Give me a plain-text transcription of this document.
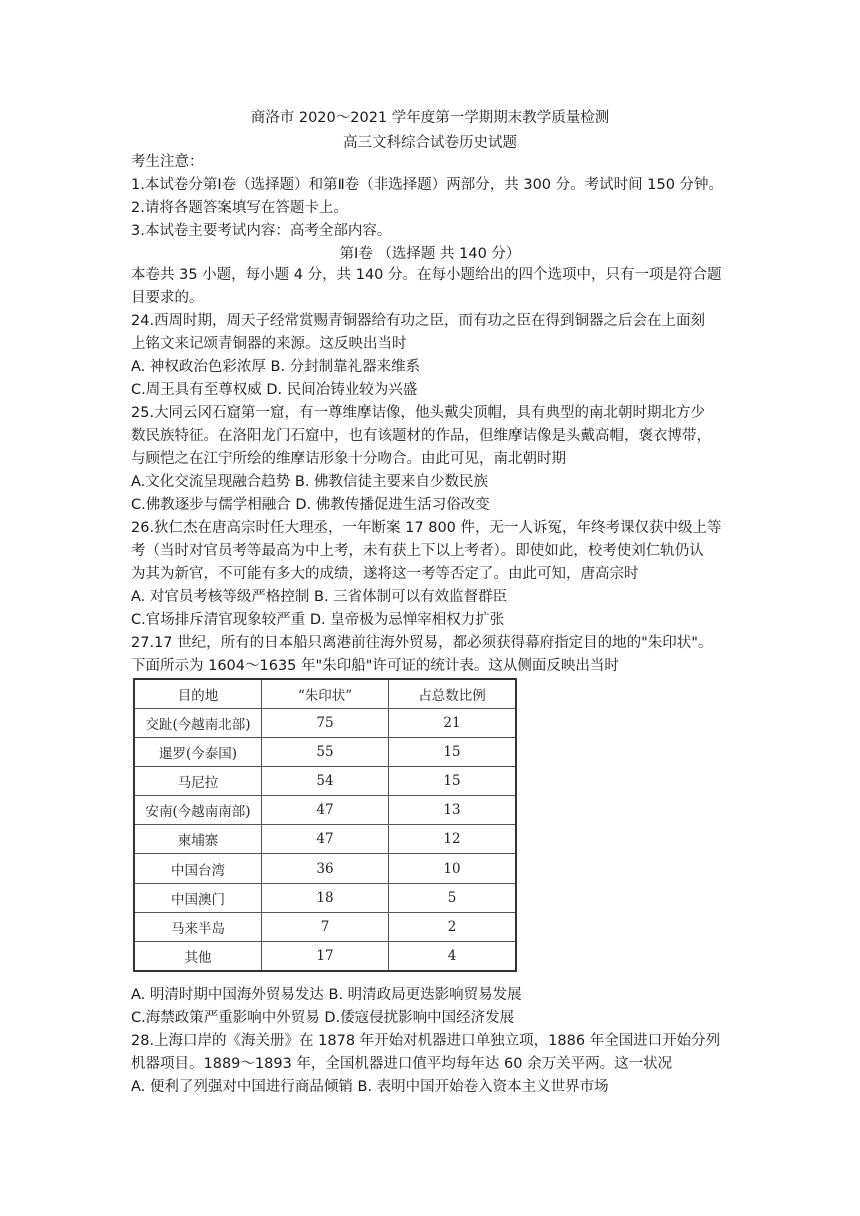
商洛市 2020～2021 学年度第一学期期末教学质量检测
高三文科综合试卷历史试题
考生注意：
1.本试卷分第Ⅰ卷（选择题）和第Ⅱ卷（非选择题）两部分，共 300 分。考试时间 150 分钟。
2.请将各题答案填写在答题卡上。
3.本试卷主要考试内容：高考全部内容。
第Ⅰ卷 （选择题 共 140 分）
本卷共 35 小题，每小题 4 分，共 140 分。在每小题给出的四个选项中，只有一项是符合题
目要求的。
24.西周时期，周天子经常赏赐青铜器给有功之臣，而有功之臣在得到铜器之后会在上面刻
上铭文来记颂青铜器的来源。这反映出当时
A. 神权政治色彩浓厚 B. 分封制靠礼器来维系
C.周王具有至尊权威 D. 民间冶铸业较为兴盛
25.大同云冈石窟第一窟，有一尊维摩诘像，他头戴尖顶帽，具有典型的南北朝时期北方少
数民族特征。在洛阳龙门石窟中，也有该题材的作品，但维摩诘像是头戴高帽，褒衣博带，
与顾恺之在江宁所绘的维摩诘形象十分吻合。由此可见，南北朝时期
A.文化交流呈现融合趋势 B. 佛教信徒主要来自少数民族
C.佛教逐步与儒学相融合 D. 佛教传播促进生活习俗改变
26.狄仁杰在唐高宗时任大理丞，一年断案 17 800 件，无一人诉冤，年终考课仅获中级上等
考（当时对官员考等最高为中上考，未有获上下以上考者）。即使如此，校考使刘仁轨仍认
为其为新官，不可能有多大的成绩，遂将这一考等否定了。由此可知，唐高宗时
A. 对官员考核等级严格控制 B. 三省体制可以有效监督群臣
C.官场排斥清官现象较严重 D. 皇帝极为忌惮宰相权力扩张
27.17 世纪，所有的日本船只离港前往海外贸易，都必须获得幕府指定目的地的"朱印状"。
下面所示为 1604～1635 年"朱印船"许可证的统计表。这从侧面反映出当时
目的地	“朱印状”	占总数比例
交趾(今越南北部)	75	21
暹罗(今泰国)	55	15
马尼拉	54	15
安南(今越南南部)	47	13
柬埔寨	47	12
中国台湾	36	10
中国澳门	18	5
马来半岛	7	2
其他	17	4
A. 明清时期中国海外贸易发达 B. 明清政局更迭影响贸易发展
C.海禁政策严重影响中外贸易 D.倭寇侵扰影响中国经济发展
28.上海口岸的《海关册》在 1878 年开始对机器进口单独立项，1886 年全国进口开始分列
机器项目。1889～1893 年，全国机器进口值平均每年达 60 余万关平两。这一状况
A. 便利了列强对中国进行商品倾销 B. 表明中国开始卷入资本主义世界市场
